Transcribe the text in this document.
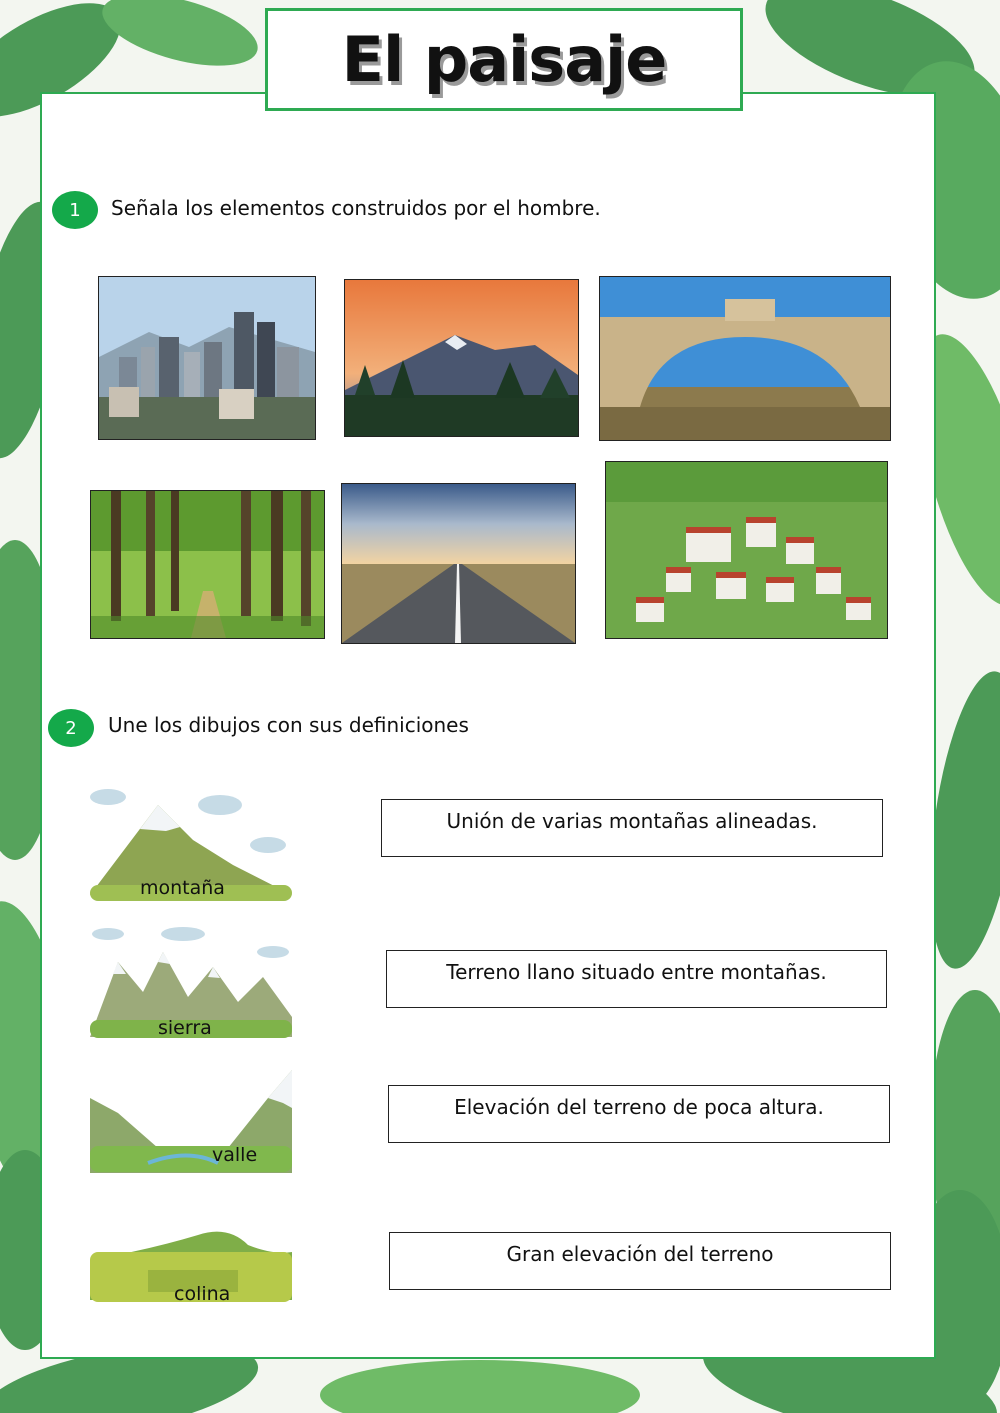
El paisaje
1	Señala los elementos construidos por el hombre.
2	Une los dibujos con sus definiciones
montaña
sierra
valle
colina
Unión de varias montañas alineadas.
Terreno llano situado entre montañas.
Elevación del terreno de poca altura.
Gran elevación del terreno
